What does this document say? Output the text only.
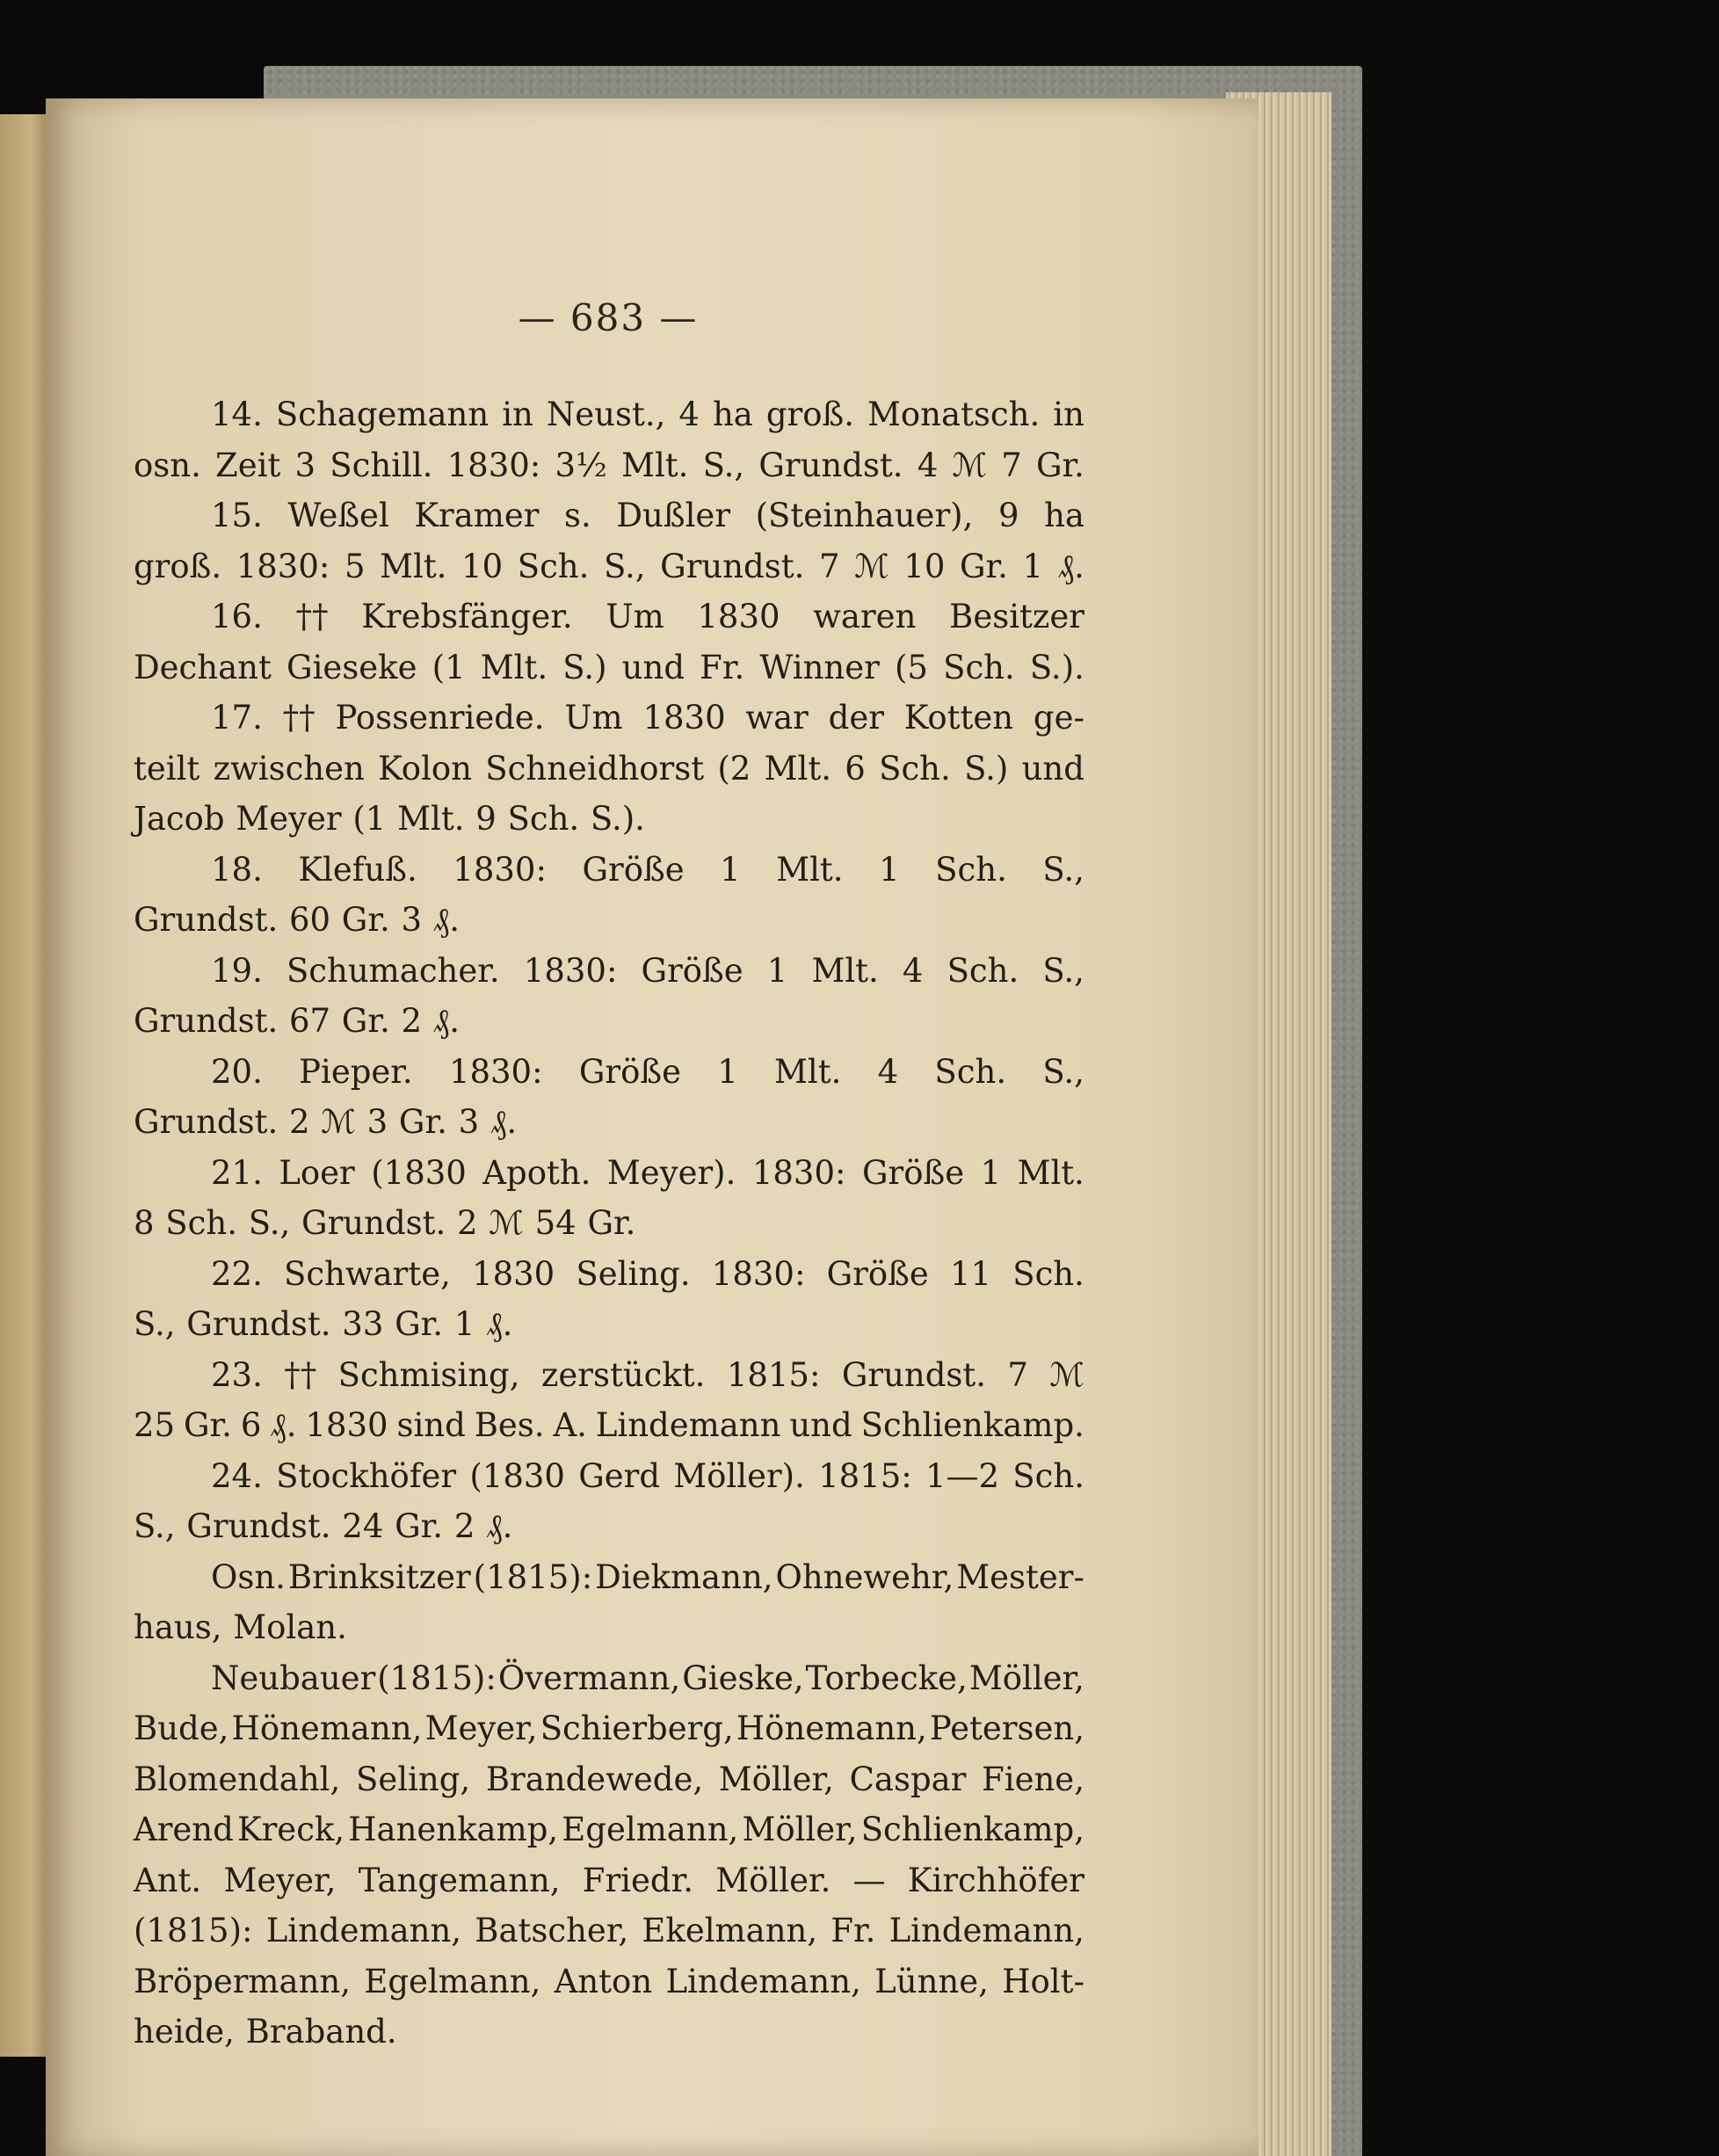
— 683 —
14. Schagemann in Neust., 4 ha groß. Monatsch. in
osn. Zeit 3 Schill. 1830: 3½ Mlt. S., Grundst. 4 ℳ 7 Gr.
15. Weßel Kramer s. Dußler (Steinhauer), 9 ha
groß. 1830: 5 Mlt. 10 Sch. S., Grundst. 7 ℳ 10 Gr. 1 ₰.
16. †† Krebsfänger. Um 1830 waren Besitzer
Dechant Gieseke (1 Mlt. S.) und Fr. Winner (5 Sch. S.).
17. †† Possenriede. Um 1830 war der Kotten ge-
teilt zwischen Kolon Schneidhorst (2 Mlt. 6 Sch. S.) und
Jacob Meyer (1 Mlt. 9 Sch. S.).
18. Klefuß. 1830: Größe 1 Mlt. 1 Sch. S.,
Grundst. 60 Gr. 3 ₰.
19. Schumacher. 1830: Größe 1 Mlt. 4 Sch. S.,
Grundst. 67 Gr. 2 ₰.
20. Pieper. 1830: Größe 1 Mlt. 4 Sch. S.,
Grundst. 2 ℳ 3 Gr. 3 ₰.
21. Loer (1830 Apoth. Meyer). 1830: Größe 1 Mlt.
8 Sch. S., Grundst. 2 ℳ 54 Gr.
22. Schwarte, 1830 Seling. 1830: Größe 11 Sch.
S., Grundst. 33 Gr. 1 ₰.
23. †† Schmising, zerstückt. 1815: Grundst. 7 ℳ
25 Gr. 6 ₰. 1830 sind Bes. A. Lindemann und Schlienkamp.
24. Stockhöfer (1830 Gerd Möller). 1815: 1—2 Sch.
S., Grundst. 24 Gr. 2 ₰.
Osn. Brinksitzer (1815): Diekmann, Ohnewehr, Mester-
haus, Molan.
Neubauer (1815): Övermann, Gieske, Torbecke, Möller,
Bude, Hönemann, Meyer, Schierberg, Hönemann, Petersen,
Blomendahl, Seling, Brandewede, Möller, Caspar Fiene,
Arend Kreck, Hanenkamp, Egelmann, Möller, Schlienkamp,
Ant. Meyer, Tangemann, Friedr. Möller. — Kirchhöfer
(1815): Lindemann, Batscher, Ekelmann, Fr. Lindemann,
Bröpermann, Egelmann, Anton Lindemann, Lünne, Holt-
heide, Braband.
